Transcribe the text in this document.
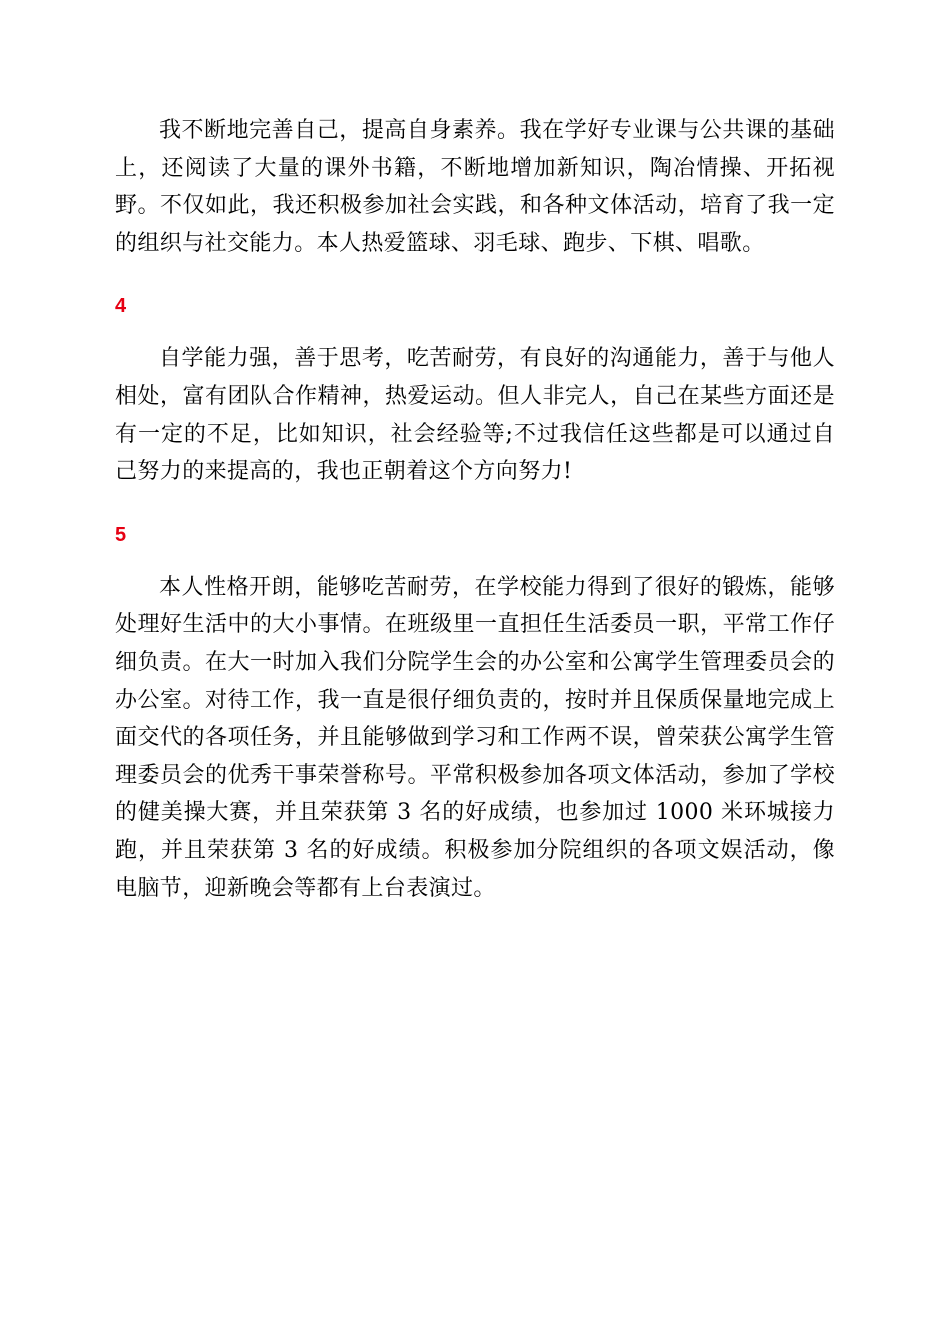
我不断地完善自己，提高自身素养。我在学好专业课与公共课的基础上，还阅读了大量的课外书籍，不断地增加新知识，陶冶情操、开拓视野。不仅如此，我还积极参加社会实践，和各种文体活动，培育了我一定的组织与社交能力。本人热爱篮球、羽毛球、跑步、下棋、唱歌。

4

自学能力强，善于思考，吃苦耐劳，有良好的沟通能力，善于与他人相处，富有团队合作精神，热爱运动。但人非完人，自己在某些方面还是有一定的不足，比如知识，社会经验等;不过我信任这些都是可以通过自己努力的来提高的，我也正朝着这个方向努力!

5

本人性格开朗，能够吃苦耐劳，在学校能力得到了很好的锻炼，能够处理好生活中的大小事情。在班级里一直担任生活委员一职，平常工作仔细负责。在大一时加入我们分院学生会的办公室和公寓学生管理委员会的办公室。对待工作，我一直是很仔细负责的，按时并且保质保量地完成上面交代的各项任务，并且能够做到学习和工作两不误，曾荣获公寓学生管理委员会的优秀干事荣誉称号。平常积极参加各项文体活动，参加了学校的健美操大赛，并且荣获第 3 名的好成绩，也参加过 1000 米环城接力跑，并且荣获第 3 名的好成绩。积极参加分院组织的各项文娱活动，像电脑节，迎新晚会等都有上台表演过。
